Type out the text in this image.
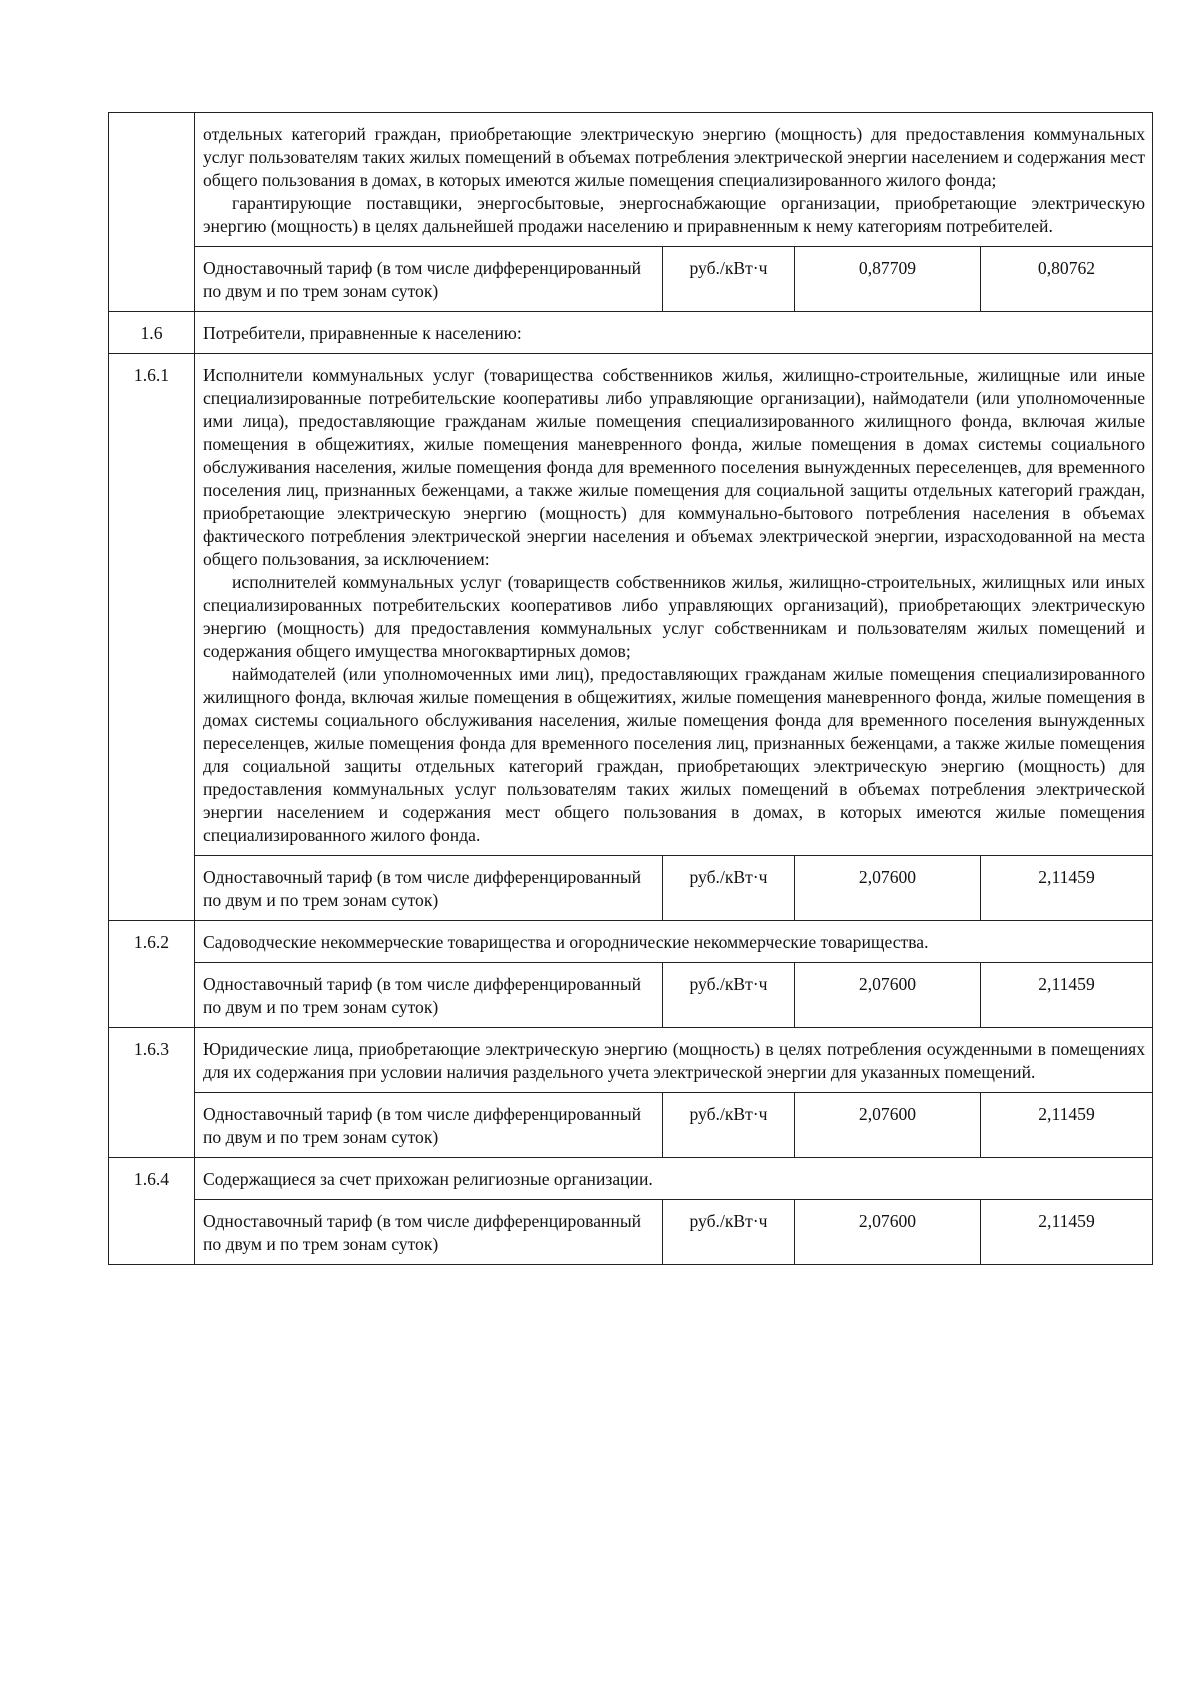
	отдельных категорий граждан, приобретающие электрическую энергию (мощность) для предоставления коммунальных услуг пользователям таких жилых помещений в объемах потребления электрической энергии населением и содержания мест общего пользования в домах, в которых имеются жилые помещения специализированного жилого фонда;

гарантирующие поставщики, энергосбытовые, энергоснабжающие организации, приобретающие электрическую энергию (мощность) в целях дальнейшей продажи населению и приравненным к нему категориям потребителей.			

	Одноставочный тариф (в том числе дифференцированный по двум и по трем зонам суток)	руб./кВт·ч	0,87709	0,80762
1.6	Потребители, приравненные к населению:			

1.6.1	Исполнители коммунальных услуг (товарищества собственников жилья, жилищно-строительные, жилищные или иные специализированные потребительские кооперативы либо управляющие организации), наймодатели (или уполномоченные ими лица), предоставляющие гражданам жилые помещения специализированного жилищного фонда, включая жилые помещения в общежитиях, жилые помещения маневренного фонда, жилые помещения в домах системы социального обслуживания населения, жилые помещения фонда для временного поселения вынужденных переселенцев, для временного поселения лиц, признанных беженцами, а также жилые помещения для социальной защиты отдельных категорий граждан, приобретающие электрическую энергию (мощность) для коммунально-бытового потребления населения в объемах фактического потребления электрической энергии населения и объемах электрической энергии, израсходованной на места общего пользования, за исключением:

исполнителей коммунальных услуг (товариществ собственников жилья, жилищно-строительных, жилищных или иных специализированных потребительских кооперативов либо управляющих организаций), приобретающих электрическую энергию (мощность) для предоставления коммунальных услуг собственникам и пользователям жилых помещений и содержания общего имущества многоквартирных домов;

наймодателей (или уполномоченных ими лиц), предоставляющих гражданам жилые помещения специализированного жилищного фонда, включая жилые помещения в общежитиях, жилые помещения маневренного фонда, жилые помещения в домах системы социального обслуживания населения, жилые помещения фонда для временного поселения вынужденных переселенцев, жилые помещения фонда для временного поселения лиц, признанных беженцами, а также жилые помещения для социальной защиты отдельных категорий граждан, приобретающих электрическую энергию (мощность) для предоставления коммунальных услуг пользователям таких жилых помещений в объемах потребления электрической энергии населением и содержания мест общего пользования в домах, в которых имеются жилые помещения специализированного жилого фонда.			

	Одноставочный тариф (в том числе дифференцированный по двум и по трем зонам суток)	руб./кВт·ч	2,07600	2,11459
1.6.2	Садоводческие некоммерческие товарищества и огороднические некоммерческие товарищества.			

	Одноставочный тариф (в том числе дифференцированный по двум и по трем зонам суток)	руб./кВт·ч	2,07600	2,11459
1.6.3	Юридические лица, приобретающие электрическую энергию (мощность) в целях потребления осужденными в помещениях для их содержания при условии наличия раздельного учета электрической энергии для указанных помещений.			

	Одноставочный тариф (в том числе дифференцированный по двум и по трем зонам суток)	руб./кВт·ч	2,07600	2,11459
1.6.4	Содержащиеся за счет прихожан религиозные организации.			

	Одноставочный тариф (в том числе дифференцированный по двум и по трем зонам суток)	руб./кВт·ч	2,07600	2,11459
